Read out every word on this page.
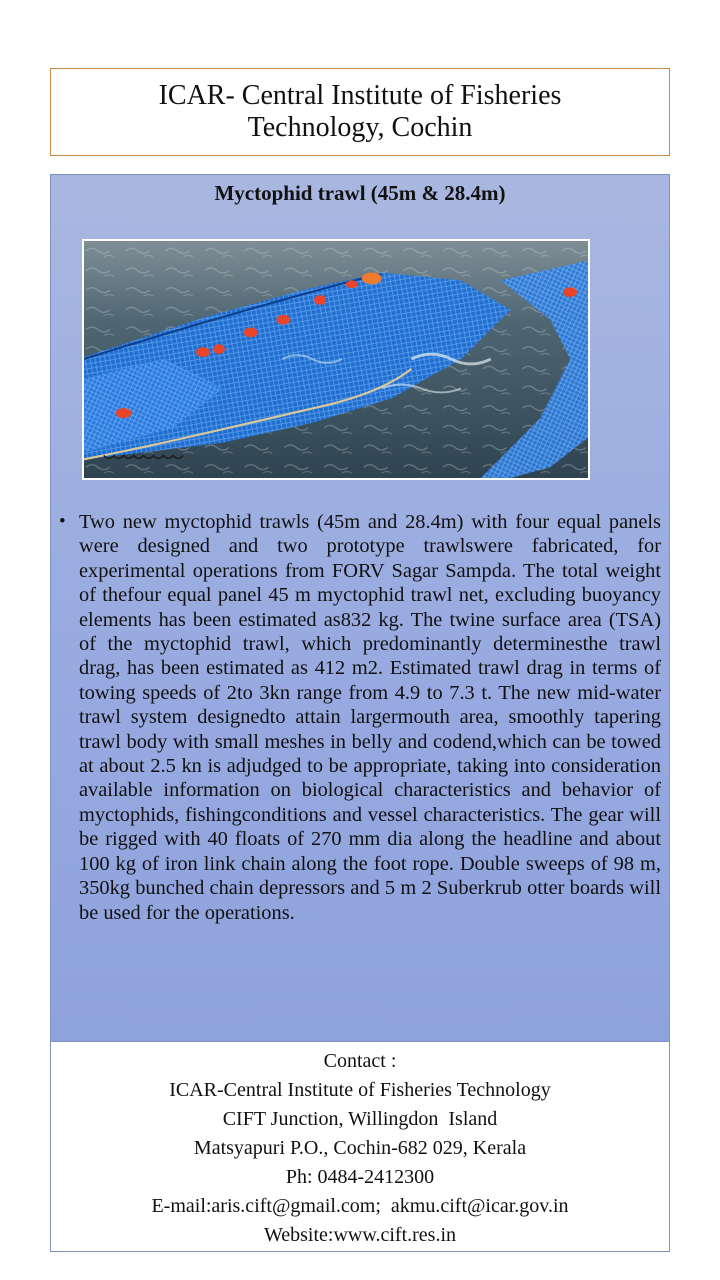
ICAR- Central Institute of Fisheries
Technology, Cochin
Myctophid trawl (45m & 28.4m)
• Two new myctophid trawls (45m and 28.4m) with four equal panels were designed and two prototype trawlswere fabricated, for experimental operations from FORV Sagar Sampda. The total weight of thefour equal panel 45 m myctophid trawl net, excluding buoyancy elements has been estimated as832 kg. The twine surface area (TSA) of the myctophid trawl, which predominantly determinesthe trawl drag, has been estimated as 412 m2. Estimated trawl drag in terms of towing speeds of 2to 3kn range from 4.9 to 7.3 t. The new mid-water trawl system designedto attain largermouth area, smoothly tapering trawl body with small meshes in belly and codend,which can be towed at about 2.5 kn is adjudged to be appropriate, taking into consideration available information on biological characteristics and behavior of myctophids, fishingconditions and vessel characteristics. The gear will be rigged with 40 floats of 270 mm dia along the headline and about 100 kg of iron link chain along the foot rope. Double sweeps of 98 m, 350kg bunched chain depressors and 5 m 2 Suberkrub otter boards will be used for the operations.
Contact :
ICAR-Central Institute of Fisheries Technology
CIFT Junction, Willingdon  Island
Matsyapuri P.O., Cochin-682 029, Kerala
Ph: 0484-2412300
E-mail:aris.cift@gmail.com;  akmu.cift@icar.gov.in
Website:www.cift.res.in
